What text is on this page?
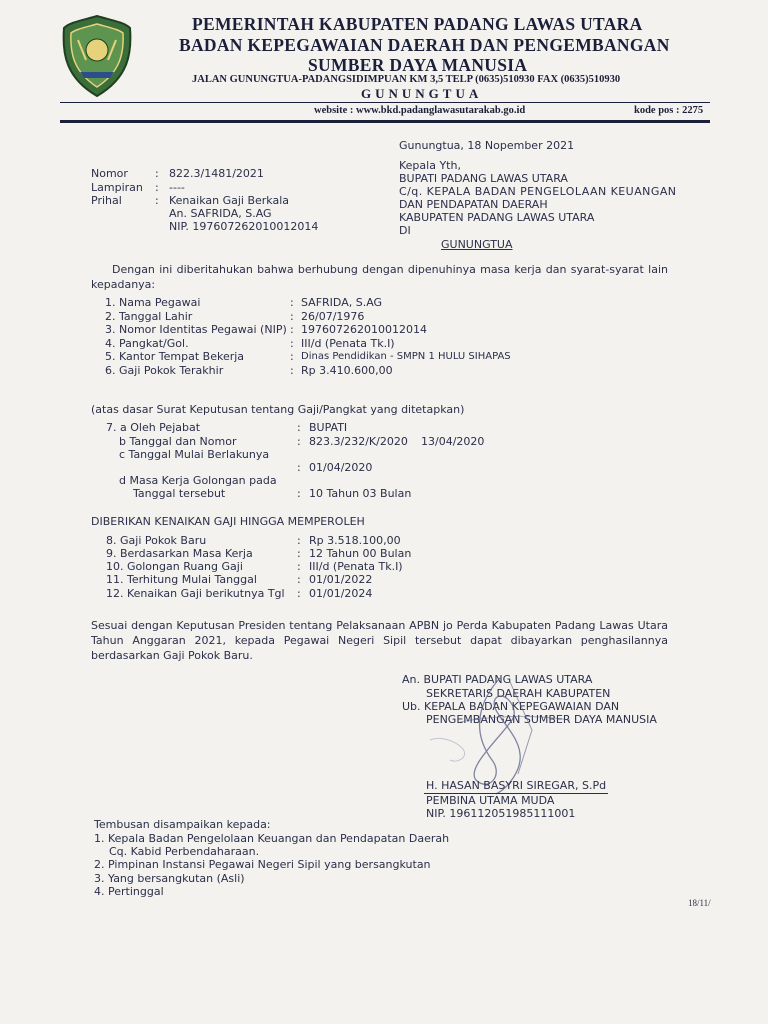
PEMERINTAH KABUPATEN PADANG LAWAS UTARA
BADAN KEPEGAWAIAN DAERAH DAN PENGEMBANGAN
SUMBER DAYA MANUSIA
JALAN GUNUNGTUA-PADANGSIDIMPUAN KM 3,5 TELP (0635)510930 FAX (0635)510930
GUNUNGTUA
website : www.bkd.padanglawasutarakab.go.id	kode pos : 2275
Gunungtua, 18 Nopember 2021
Kepala Yth,
BUPATI PADANG LAWAS UTARA
C/q. KEPALA BADAN PENGELOLAAN KEUANGAN
DAN PENDAPATAN DAERAH
KABUPATEN PADANG LAWAS UTARA
DI
GUNUNGTUA
Nomor : 822.3/1481/2021
Lampiran : ----
Prihal	: Kenaikan Gaji Berkala
An. SAFRIDA, S.AG
NIP. 197607262010012014
Dengan ini diberitahukan bahwa berhubung dengan dipenuhinya masa kerja dan syarat-syarat lain kepadanya:
1. Nama Pegawai	: SAFRIDA, S.AG
2. Tanggal Lahir	: 26/07/1976
3. Nomor Identitas Pegawai (NIP) : 197607262010012014
4. Pangkat/Gol.	: III/d (Penata Tk.I)
5. Kantor Tempat Bekerja	: Dinas Pendidikan - SMPN 1 HULU SIHAPAS
6. Gaji Pokok Terakhir	: Rp 3.410.600,00
(atas dasar Surat Keputusan tentang Gaji/Pangkat yang ditetapkan)
7. a Oleh Pejabat	: BUPATI
b Tanggal dan Nomor	: 823.3/232/K/2020 13/04/2020
c Tanggal Mulai Berlakunya
: 01/04/2020
d Masa Kerja Golongan pada
Tanggal tersebut	: 10 Tahun 03 Bulan
DIBERIKAN KENAIKAN GAJI HINGGA MEMPEROLEH
8. Gaji Pokok Baru	: Rp 3.518.100,00
9. Berdasarkan Masa Kerja	: 12 Tahun 00 Bulan
10. Golongan Ruang Gaji	: III/d (Penata Tk.I)
11. Terhitung Mulai Tanggal	: 01/01/2022
12. Kenaikan Gaji berikutnya Tgl : 01/01/2024
Sesuai dengan Keputusan Presiden tentang Pelaksanaan APBN jo Perda Kabupaten Padang Lawas Utara Tahun Anggaran 2021, kepada Pegawai Negeri Sipil tersebut dapat dibayarkan penghasilannya berdasarkan Gaji Pokok Baru.
An. BUPATI PADANG LAWAS UTARA
SEKRETARIS DAERAH KABUPATEN
Ub. KEPALA BADAN KEPEGAWAIAN DAN
PENGEMBANGAN SUMBER DAYA MANUSIA
H. HASAN BASYRI SIREGAR, S.Pd
PEMBINA UTAMA MUDA
NIP. 196112051985111001
Tembusan disampaikan kepada:
1. Kepala Badan Pengelolaan Keuangan dan Pendapatan Daerah
Cq. Kabid Perbendaharaan.
2. Pimpinan Instansi Pegawai Negeri Sipil yang bersangkutan
3. Yang bersangkutan (Asli)
4. Pertinggal
18/11/
